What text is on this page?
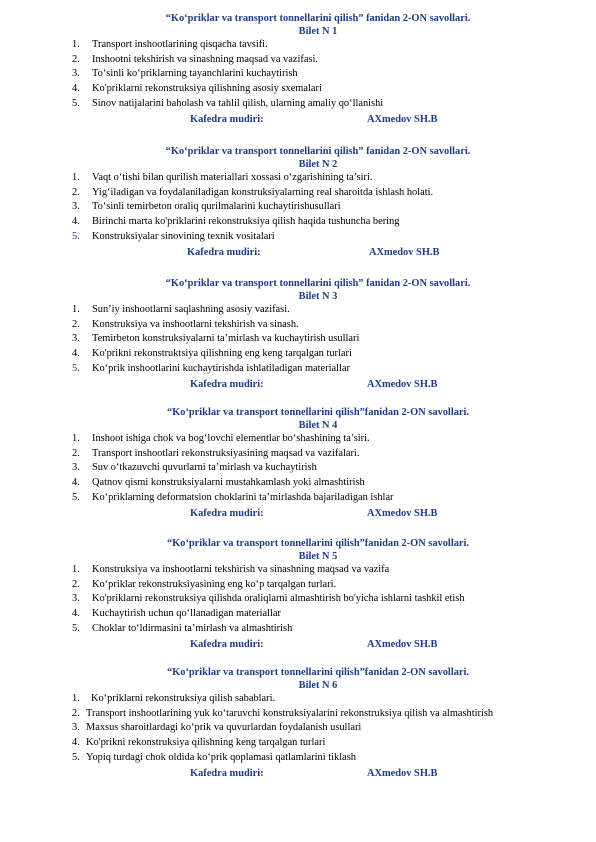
“Ko‘priklar va transport tonnellarini qilish” fanidan 2-ON savollari.
Bilet N 1
1. Transport inshootlarining qisqacha tavsifi.
2. Inshootni tekshirish va sinashning maqsad va vazifasi.
3. To‘sinli ko‘priklarning tayanchlarini kuchaytirish
4. Ko'priklarni rekonstruksiya qilishning asosiy sxemalari
5. Sinov natijalarini baholash va tahlil qilish, ularning amaliy qo‘llanishi
Kafedra mudiri:	AXmedov SH.B
“Ko‘priklar va transport tonnellarini qilish” fanidan 2-ON savollari.
Bilet N 2
1. Vaqt o‘tishi bilan qurilish materiallari xossasi o‘zgarishining ta’siri.
2. Yig‘iladigan va foydalaniladigan konstruksiyalarning real sharoitda ishlash holati.
3. To‘sinli temirbeton oraliq qurilmalarini kuchaytirishusullari
4. Birinchi marta ko'priklarini rekonstruksiya qilish haqida tushuncha bering
5. Konstruksiyalar sinovining texnik vositalari
Kafedra mudiri:	AXmedov SH.B
“Ko‘priklar va transport tonnellarini qilish” fanidan 2-ON savollari.
Bilet N 3
1. Sun’iy inshootlarni saqlashning asosiy vazifasi.
2. Konstruksiya va inshootlarni tekshirish va sinash.
3. Temirbeton konstruksiyalarni ta’mirlash va kuchaytirish usullari
4. Ko'prikni rekonstruktsiya qilishning eng keng tarqalgan turlari
5. Ko‘prik inshootlarini kuchaytirishda ishlatiladigan materiallar
Kafedra mudiri:	AXmedov SH.B
“Ko‘priklar va transport tonnellarini qilish”fanidan 2-ON savollari.
Bilet N 4
1. Inshoot ishiga chok va bog‘lovchi elementlar bo‘shashining ta’siri.
2. Transport inshootlari rekonstruksiyasining maqsad va vazifalari.
3. Suv o‘tkazuvchi quvurlarni ta’mirlash va kuchaytirish
4. Qatnov qismi konstruksiyalarni mustahkamlash yoki almashtirish
5. Ko‘priklarning deformatsion choklarini ta’mirlashda bajariladigan ishlar
Kafedra mudiri:	AXmedov SH.B
“Ko‘priklar va transport tonnellarini qilish”fanidan 2-ON savollari.
Bilet N 5
1. Konstruksiya va inshootlarni tekshirish va sinashning maqsad va vazifa
2. Ko‘priklar rekonstruksiyasining eng ko‘p tarqalgan turlari.
3. Ko'priklarni rekonstruksiya qilishda oraliqlarni almashtirish bo'yicha ishlarni tashkil etish
4. Kuchaytirish uchun qo‘llanadigan materiallar
5. Choklar to‘ldirmasini ta’mirlash va almashtirish
Kafedra mudiri:	AXmedov SH.B
“Ko‘priklar va transport tonnellarini qilish”fanidan 2-ON savollari.
Bilet N 6
1. Ko‘priklarni rekonstruksiya qilish sabablari.
2. Transport inshootlarining yuk ko‘taruvchi konstruksiyalarini rekonstruksiya qilish va almashtirish
3. Maxsus sharoitlardagi ko‘prik va quvurlardan foydalanish usullari
4. Ko'prikni rekonstruksiya qilishning keng tarqalgan turlari
5. Yopiq turdagi chok oldida ko‘prik qoplamasi qatlamlarini tiklash
Kafedra mudiri:	AXmedov SH.B
